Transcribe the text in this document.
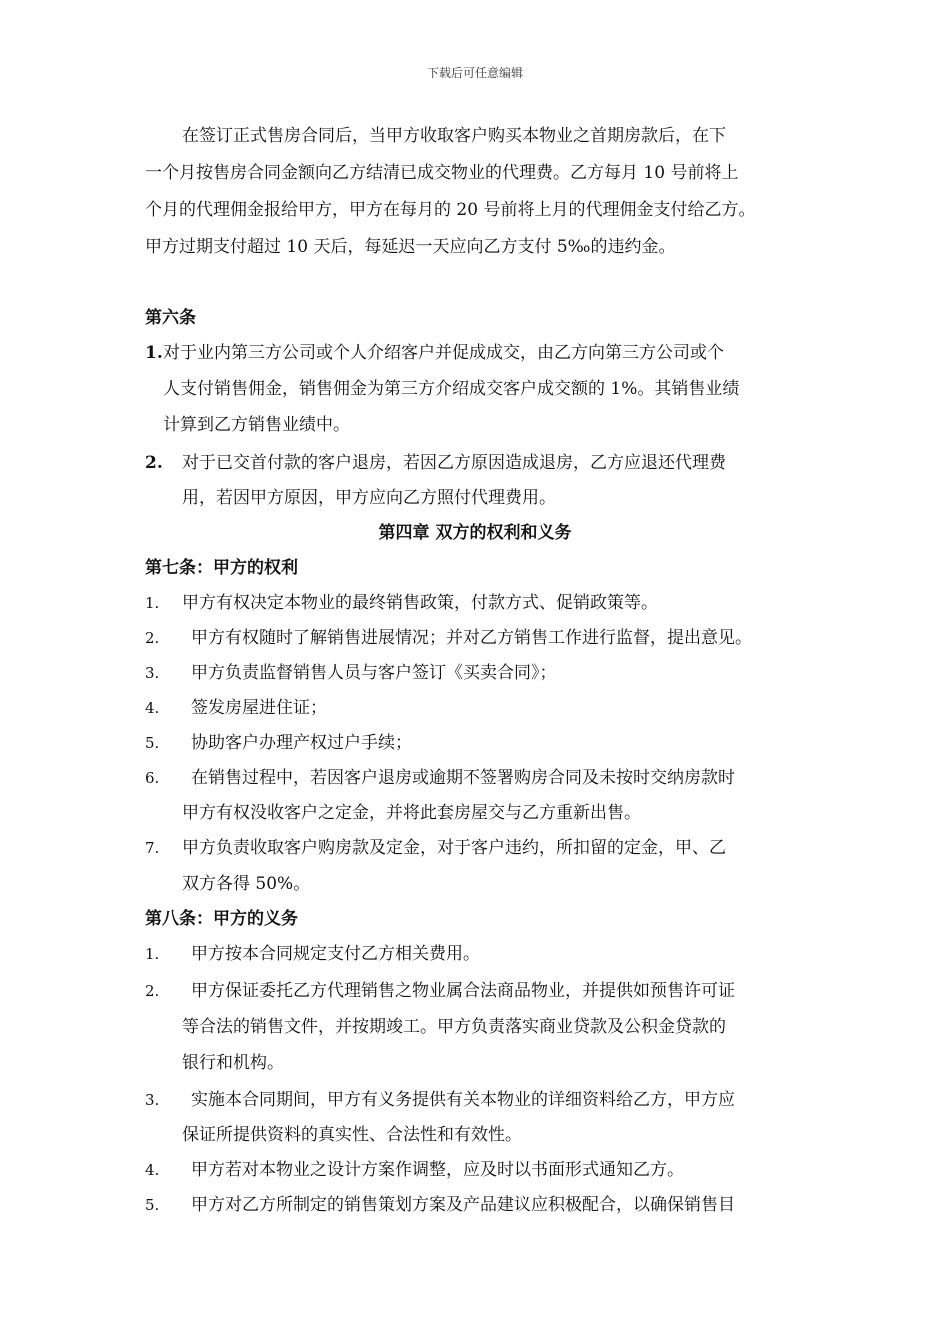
下载后可任意编辑
在签订正式售房合同后，当甲方收取客户购买本物业之首期房款后，在下
一个月按售房合同金额向乙方结清已成交物业的代理费。乙方每月 10 号前将上
个月的代理佣金报给甲方，甲方在每月的 20 号前将上月的代理佣金支付给乙方。
甲方过期支付超过 10 天后，每延迟一天应向乙方支付 5‰的违约金。
第六条
1. 对于业内第三方公司或个人介绍客户并促成成交，由乙方向第三方公司或个
人支付销售佣金，销售佣金为第三方介绍成交客户成交额的 1%。其销售业绩
计算到乙方销售业绩中。
2. 对于已交首付款的客户退房，若因乙方原因造成退房，乙方应退还代理费
用，若因甲方原因，甲方应向乙方照付代理费用。
第四章 双方的权利和义务
第七条：甲方的权利
1. 甲方有权决定本物业的最终销售政策，付款方式、促销政策等。
2. 甲方有权随时了解销售进展情况；并对乙方销售工作进行监督，提出意见。
3. 甲方负责监督销售人员与客户签订《买卖合同》；
4. 签发房屋进住证；
5. 协助客户办理产权过户手续；
6. 在销售过程中，若因客户退房或逾期不签署购房合同及未按时交纳房款时
甲方有权没收客户之定金，并将此套房屋交与乙方重新出售。
7. 甲方负责收取客户购房款及定金，对于客户违约，所扣留的定金，甲、乙
双方各得 50%。
第八条：甲方的义务
1. 甲方按本合同规定支付乙方相关费用。
2. 甲方保证委托乙方代理销售之物业属合法商品物业，并提供如预售许可证
等合法的销售文件，并按期竣工。甲方负责落实商业贷款及公积金贷款的
银行和机构。
3. 实施本合同期间，甲方有义务提供有关本物业的详细资料给乙方，甲方应
保证所提供资料的真实性、合法性和有效性。
4. 甲方若对本物业之设计方案作调整，应及时以书面形式通知乙方。
5. 甲方对乙方所制定的销售策划方案及产品建议应积极配合，以确保销售目
